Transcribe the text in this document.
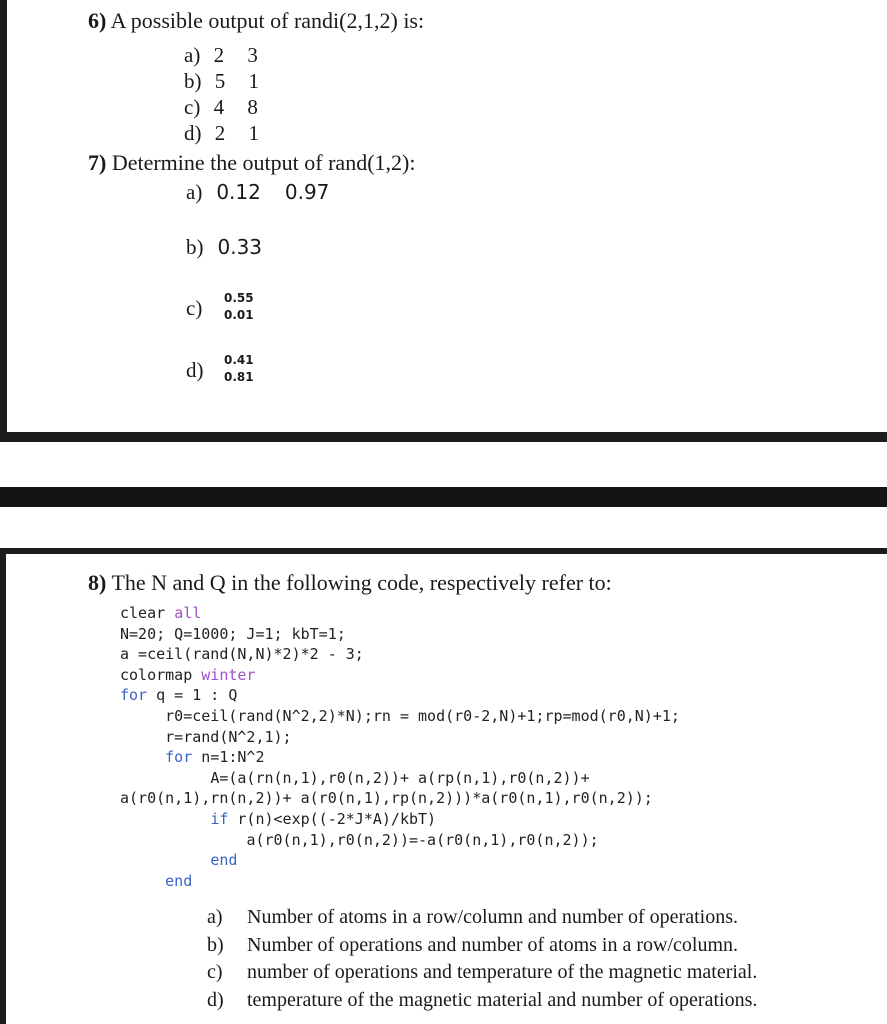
6) A possible output of randi(2,1,2) is:
a) 2 3
b) 5 1
c) 4 8
d) 2 1
7) Determine the output of rand(1,2):
a) 0.12 0.97
b) 0.33
c) 0.55
0.01
d) 0.41
0.81
8) The N and Q in the following code, respectively refer to:
clear all
N=20; Q=1000; J=1; kbT=1;
a =ceil(rand(N,N)*2)*2 - 3;
colormap winter
for q = 1 : Q
r0=ceil(rand(N^2,2)*N);rn = mod(r0-2,N)+1;rp=mod(r0,N)+1;
r=rand(N^2,1);
for n=1:N^2
A=(a(rn(n,1),r0(n,2))+ a(rp(n,1),r0(n,2))+
a(r0(n,1),rn(n,2))+ a(r0(n,1),rp(n,2)))*a(r0(n,1),r0(n,2));
if r(n)<exp((-2*J*A)/kbT)
a(r0(n,1),r0(n,2))=-a(r0(n,1),r0(n,2));
end
end
a) Number of atoms in a row/column and number of operations.
b) Number of operations and number of atoms in a row/column.
c) number of operations and temperature of the magnetic material.
d) temperature of the magnetic material and number of operations.
